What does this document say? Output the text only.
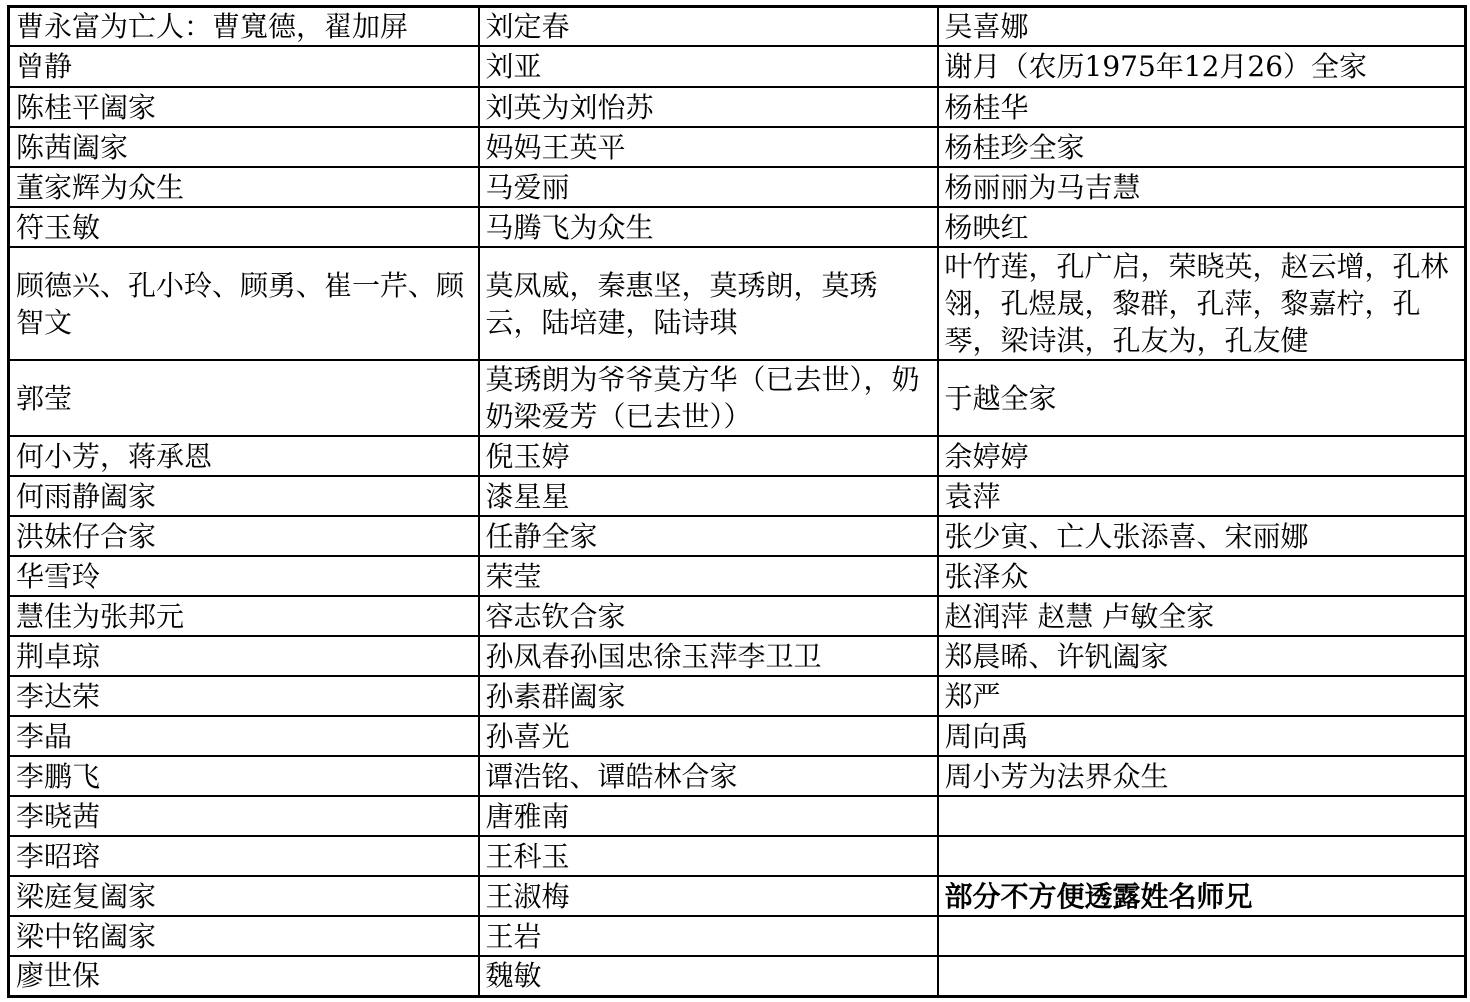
曹永富为亡人：曹寬德，翟加屏	刘定春	吴喜娜
曾静	刘亚	谢月（农历1975年12月26）全家
陈桂平阖家	刘英为刘怡苏	杨桂华
陈茜阖家	妈妈王英平	杨桂珍全家
董家辉为众生	马爱丽	杨丽丽为马吉慧
符玉敏	马腾飞为众生	杨映红
顾德兴、孔小玲、顾勇、崔一芹、顾智文	莫凤威，秦惠坚，莫琇朗，莫琇云，陆培建，陆诗琪	叶竹莲，孔广启，荣晓英，赵云增，孔林翎，孔煜晟，黎群，孔萍，黎嘉柠，孔琴，梁诗淇，孔友为，孔友健
郭莹	莫琇朗为爷爷莫方华（已去世），奶奶梁爱芳（已去世））	于越全家
何小芳，蒋承恩	倪玉婷	余婷婷
何雨静阖家	漆星星	袁萍
洪妹仔合家	任静全家	张少寅、亡人张添喜、宋丽娜
华雪玲	荣莹	张泽众
慧佳为张邦元	容志钦合家	赵润萍 赵慧 卢敏全家
荆卓琼	孙凤春孙国忠徐玉萍李卫卫	郑晨晞、许钒阖家
李达荣	孙素群阖家	郑严
李晶	孙喜光	周向禹
李鹏飞	谭浩铭、谭皓林合家	周小芳为法界众生
李晓茜	唐雅南	
李昭瑢	王科玉	
梁庭复阖家	王淑梅	部分不方便透露姓名师兄
梁中铭阖家	王岩	
廖世保	魏敏	
